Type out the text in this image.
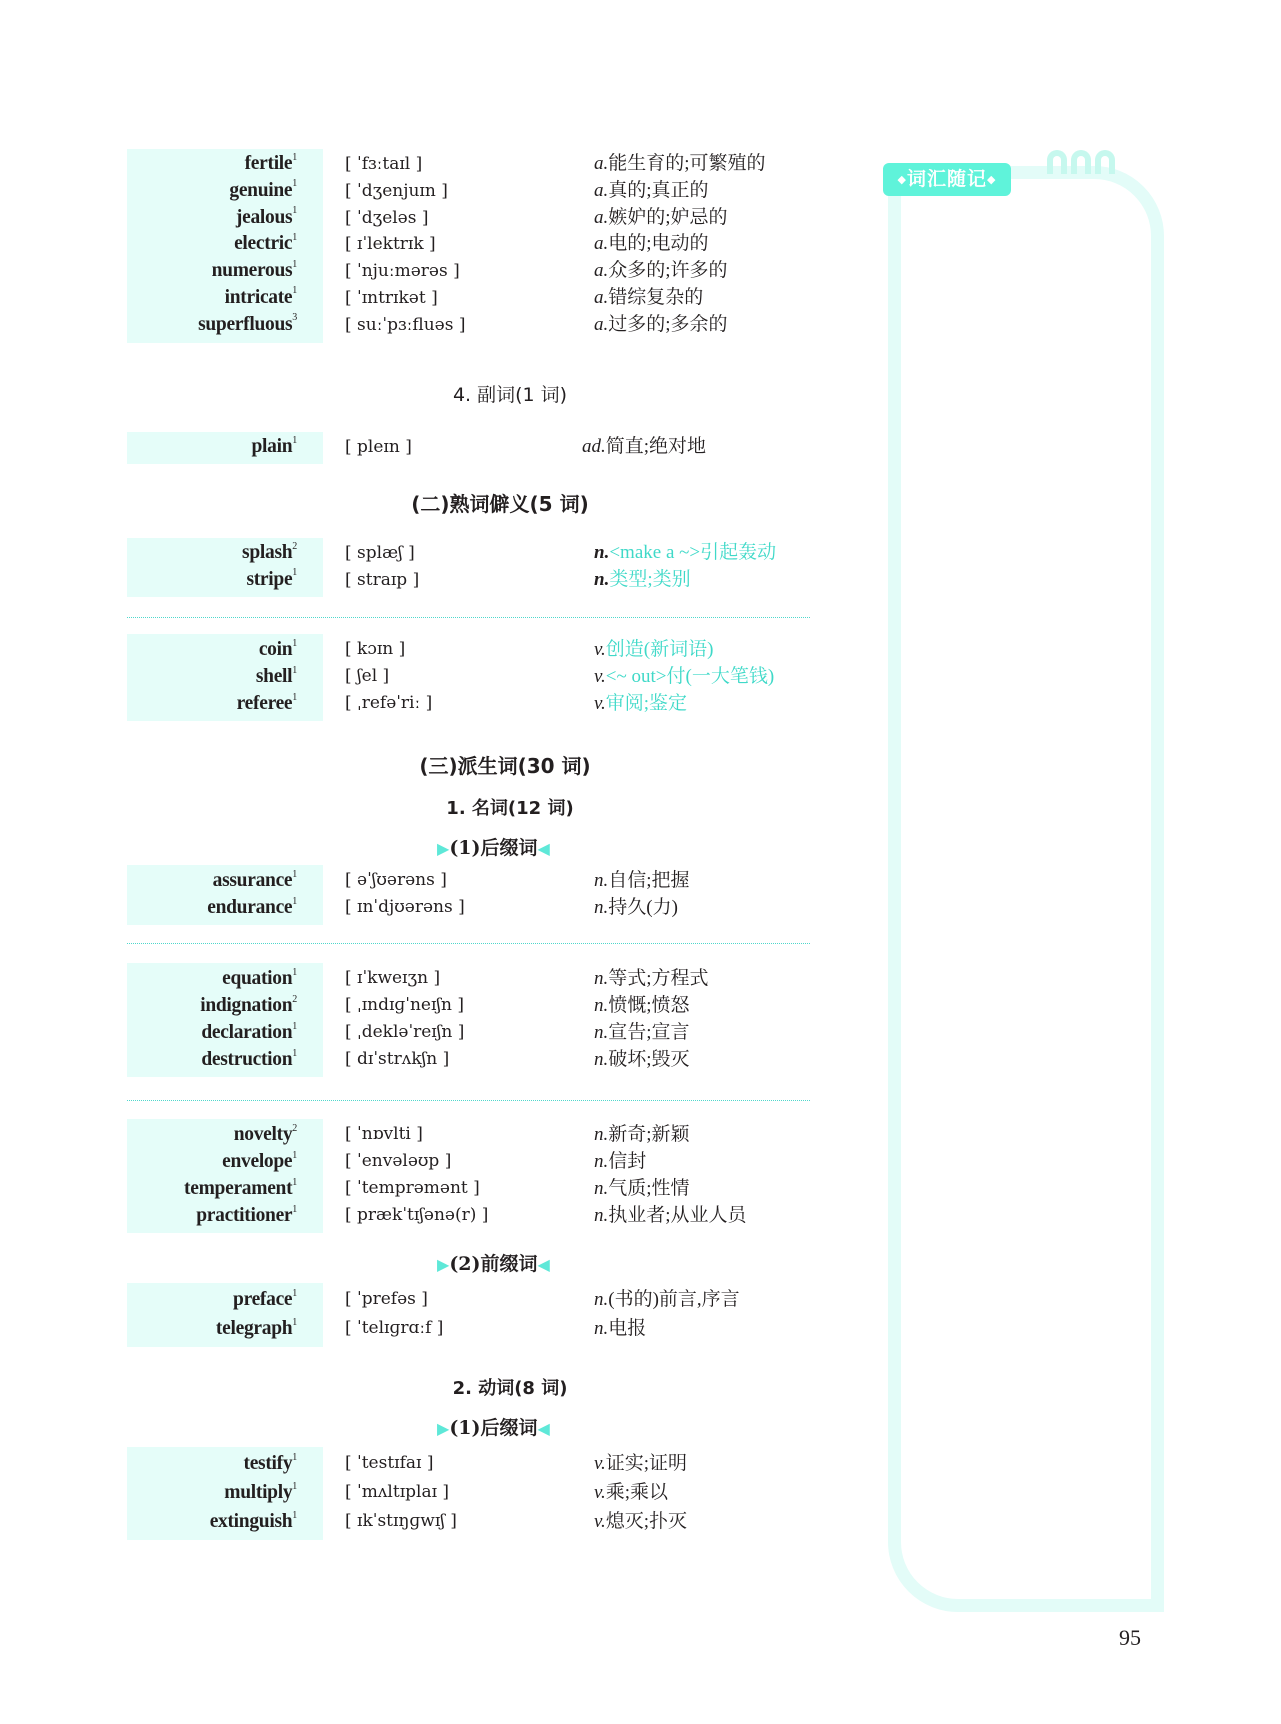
◆词汇随记◆
fertile$^1$	[ ˈfɜːtaɪl ]	a.能生育的;可繁殖的
genuine$^1$	[ ˈdʒenjuɪn ]	a.真的;真正的
jealous$^1$	[ ˈdʒeləs ]	a.嫉妒的;妒忌的
electric$^1$	[ ɪˈlektrɪk ]	a.电的;电动的
numerous$^1$	[ ˈnjuːmərəs ]	a.众多的;许多的
intricate$^1$	[ ˈɪntrɪkət ]	a.错综复杂的
superfluous$^3$	[ suːˈpɜːfluəs ]	a.过多的;多余的
4. 副词(1 词)
plain$^1$	[ pleɪn ]	ad.简直;绝对地
(二)熟词僻义(5 词)
splash$^2$	[ splæʃ ]	n.<make a ~>引起轰动
stripe$^1$	[ straɪp ]	n.类型;类别
coin$^1$	[ kɔɪn ]	v.创造(新词语)
shell$^1$	[ ʃel ]	v.<~ out>付(一大笔钱)
referee$^1$	[ ˌrefəˈriː ]	v.审阅;鉴定
(三)派生词(30 词)
1. 名词(12 词)
▶(1)后缀词◀
assurance$^1$	[ əˈʃʊərəns ]	n.自信;把握
endurance$^1$	[ ɪnˈdjʊərəns ]	n.持久(力)
equation$^1$	[ ɪˈkweɪʒn ]	n.等式;方程式
indignation$^2$	[ ˌɪndɪɡˈneɪʃn ]	n.愤慨;愤怒
declaration$^1$	[ ˌdekləˈreɪʃn ]	n.宣告;宣言
destruction$^1$	[ dɪˈstrʌkʃn ]	n.破坏;毁灭
novelty$^2$	[ ˈnɒvlti ]	n.新奇;新颖
envelope$^1$	[ ˈenvələʊp ]	n.信封
temperament$^1$	[ ˈtemprəmənt ]	n.气质;性情
practitioner$^1$	[ prækˈtɪʃənə(r) ]	n.执业者;从业人员
▶(2)前缀词◀
preface$^1$	[ ˈprefəs ]	n.(书的)前言,序言
telegraph$^1$	[ ˈtelɪɡrɑːf ]	n.电报
2. 动词(8 词)
▶(1)后缀词◀
testify$^1$	[ ˈtestɪfaɪ ]	v.证实;证明
multiply$^1$	[ ˈmʌltɪplaɪ ]	v.乘;乘以
extinguish$^1$	[ ɪkˈstɪŋɡwɪʃ ]	v.熄灭;扑灭
95
